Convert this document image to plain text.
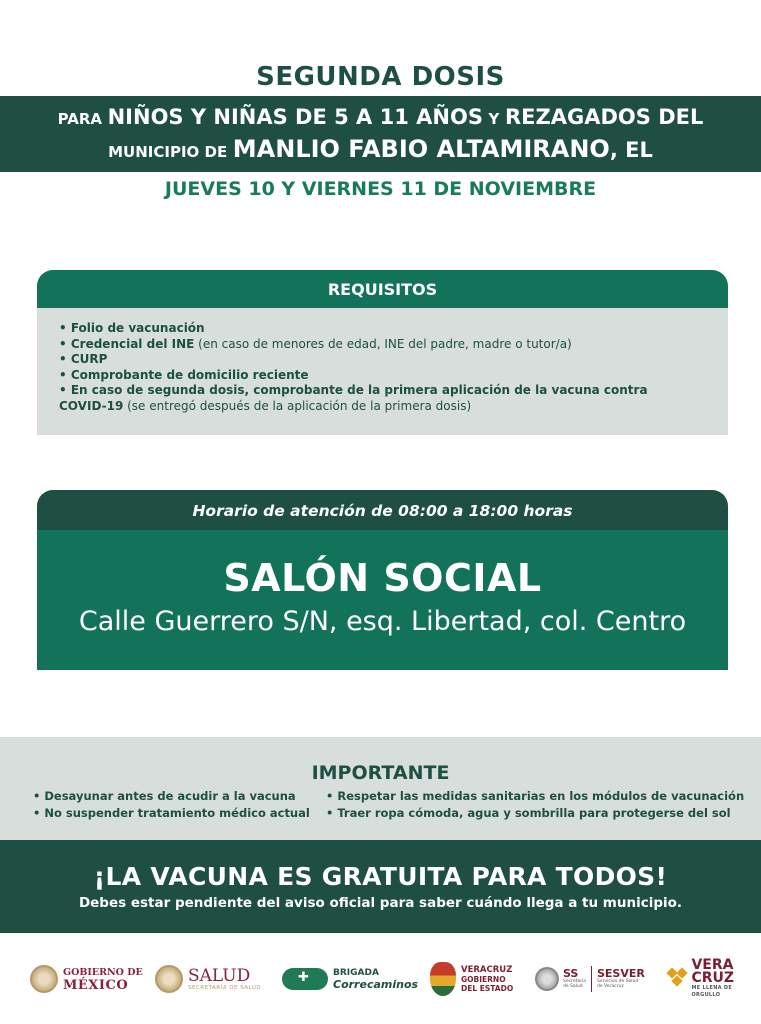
SEGUNDA DOSIS
PARA NIÑOS Y NIÑAS DE 5 A 11 AÑOS Y REZAGADOS DEL
MUNICIPIO DE MANLIO FABIO ALTAMIRANO, EL
JUEVES 10 Y VIERNES 11 DE NOVIEMBRE
REQUISITOS
• Folio de vacunación
• Credencial del INE (en caso de menores de edad, INE del padre, madre o tutor/a)
• CURP
• Comprobante de domicilio reciente
• En caso de segunda dosis, comprobante de la primera aplicación de la vacuna contra
COVID-19 (se entregó después de la aplicación de la primera dosis)
Horario de atención de 08:00 a 18:00 horas
SALÓN SOCIAL
Calle Guerrero S/N, esq. Libertad, col. Centro
IMPORTANTE
• Desayunar antes de acudir a la vacuna
• No suspender tratamiento médico actual
• Respetar las medidas sanitarias en los módulos de vacunación
• Traer ropa cómoda, agua y sombrilla para protegerse del sol
¡LA VACUNA ES GRATUITA PARA TODOS!
Debes estar pendiente del aviso oficial para saber cuándo llega a tu municipio.
GOBIERNO DE
MÉXICO	SALUD
SECRETARÍA DE SALUD
✚
BRIGADA
Correcaminos
VERACRUZ
GOBIERNO
DEL ESTADO
SS
Secretaría
de Salud
SESVER
Servicios de Salud
de Veracruz
VERA
CRUZ
ME LLENA DE ORGULLO
